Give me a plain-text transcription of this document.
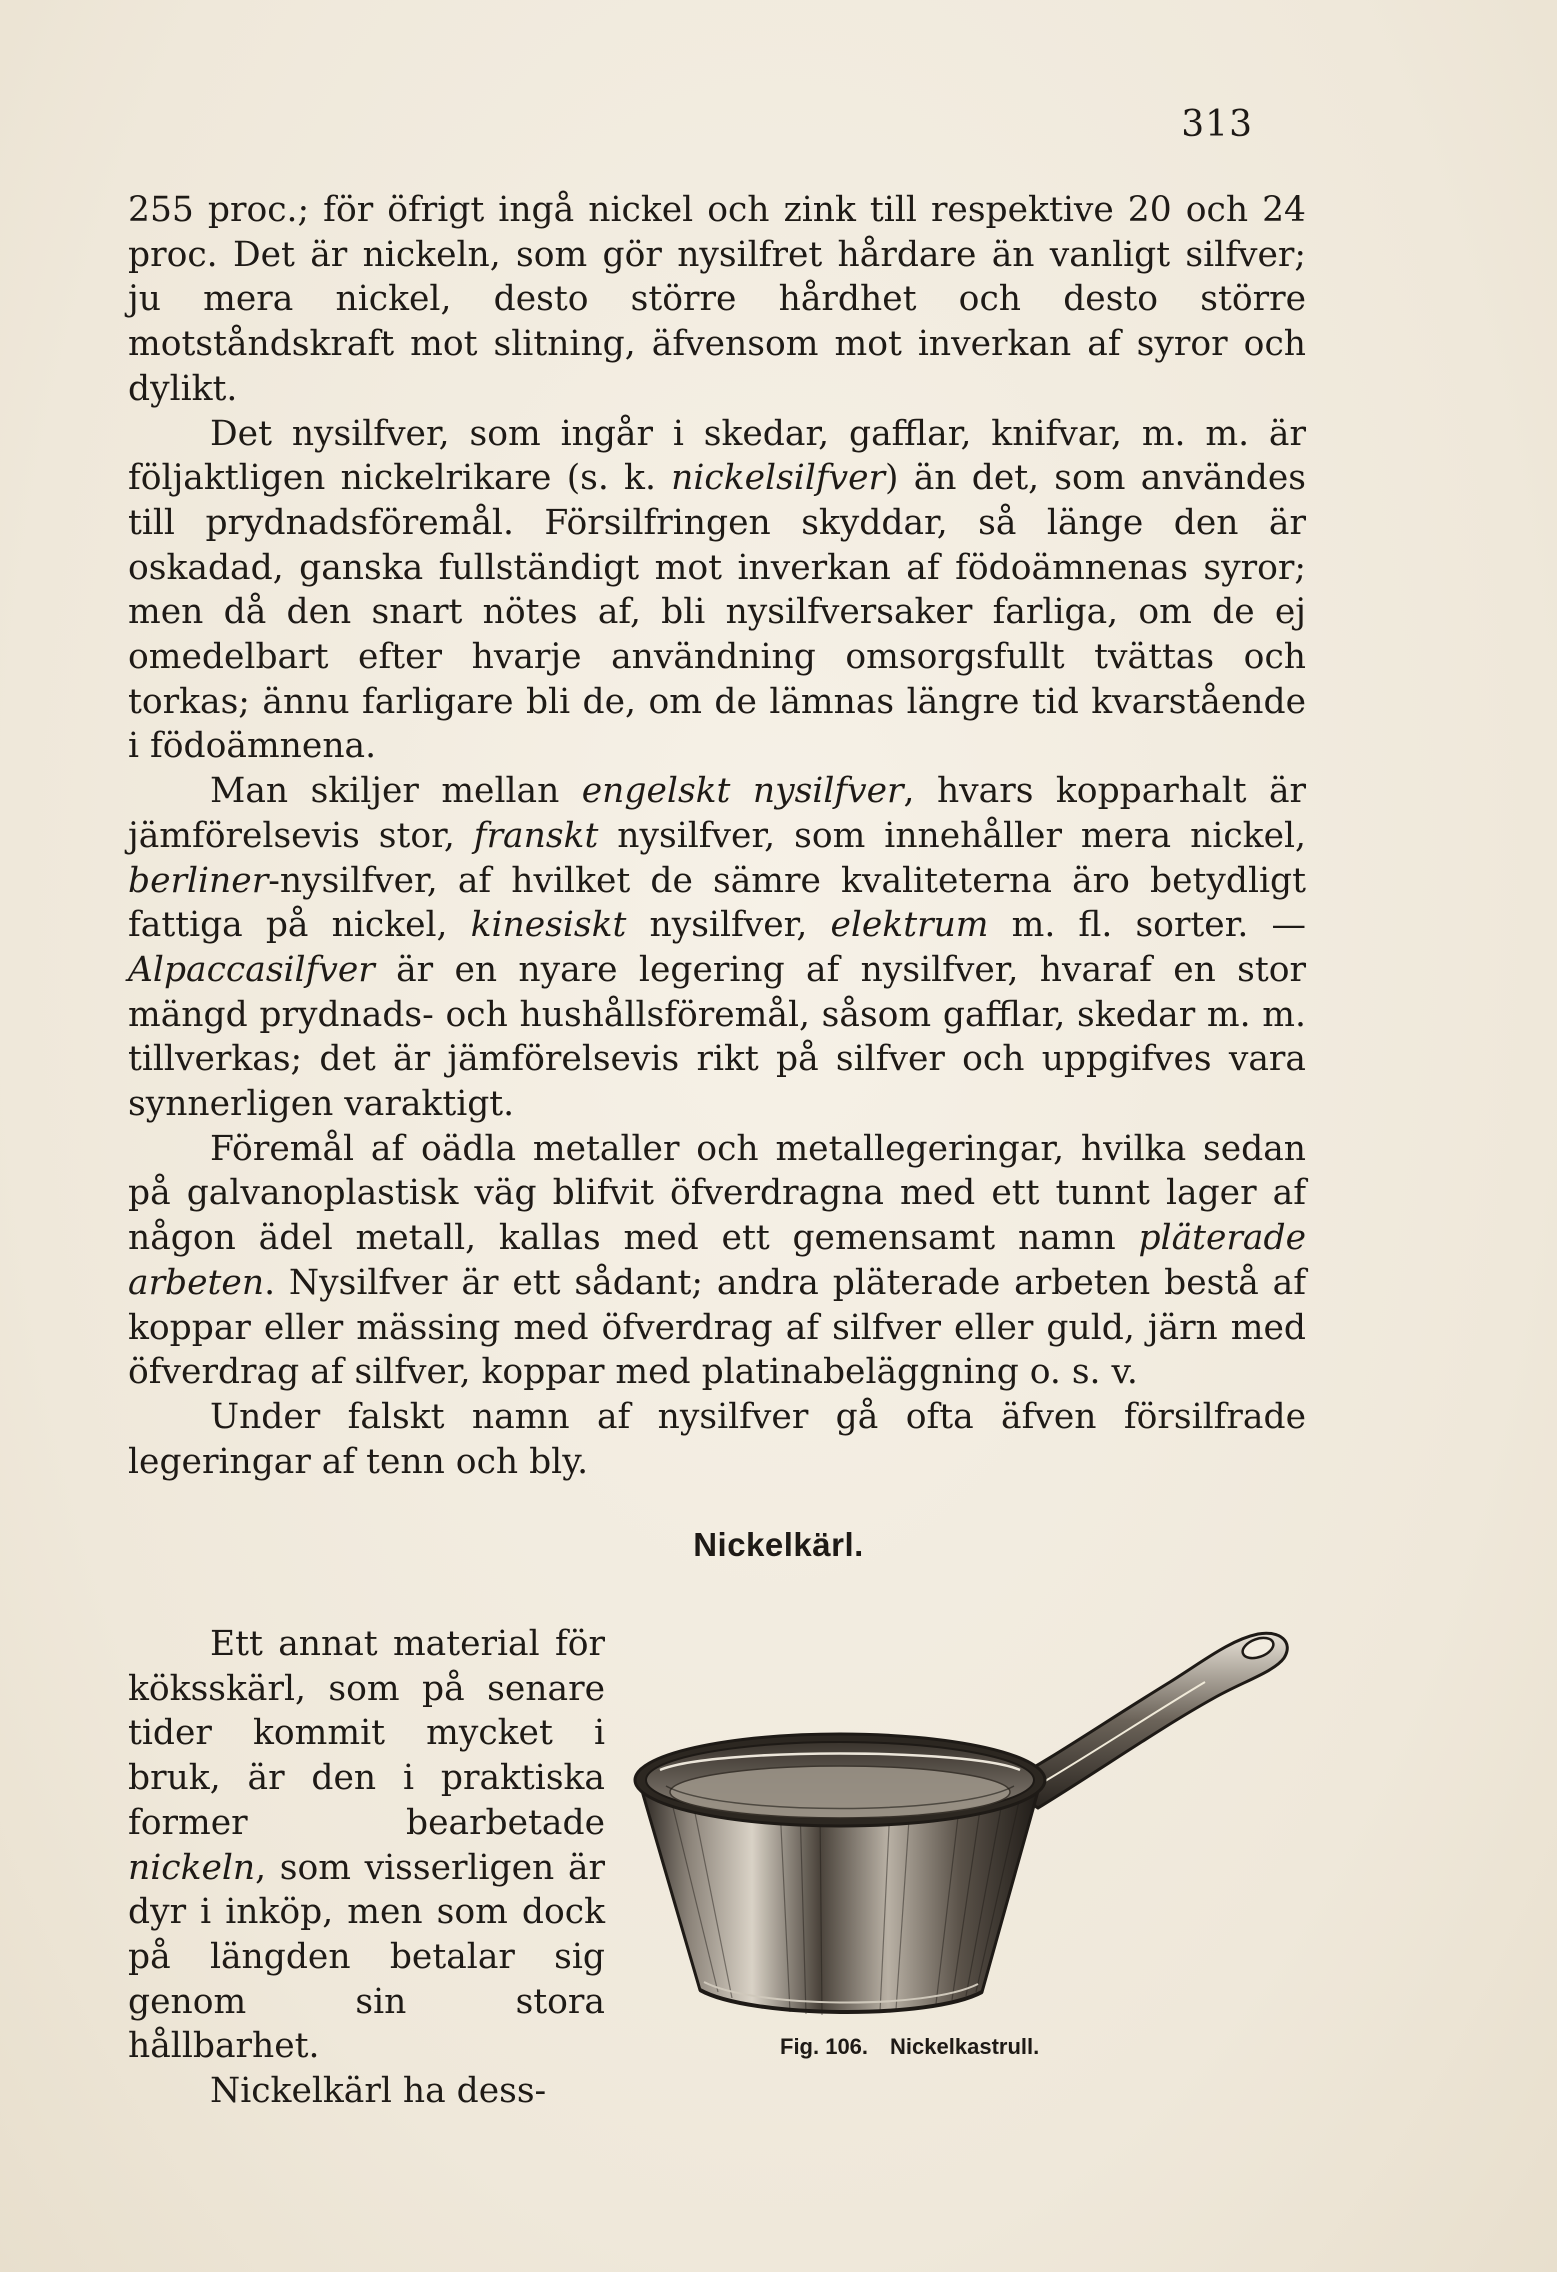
313

255 proc.; för öfrigt ingå nickel och zink till respektive 20 och 24 proc. Det är nickeln, som gör nysilfret hårdare än vanligt silfver; ju mera nickel, desto större hårdhet och desto större motståndskraft mot slitning, äfvensom mot inverkan af syror och dylikt.

Det nysilfver, som ingår i skedar, gafflar, knifvar, m. m. är följaktligen nickelrikare (s. k. nickelsilfver) än det, som användes till prydnadsföremål. Försilfringen skyddar, så länge den är oskadad, ganska fullständigt mot inverkan af födoämnenas syror; men då den snart nötes af, bli nysilfversaker farliga, om de ej omedelbart efter hvarje användning omsorgsfullt tvättas och torkas; ännu farligare bli de, om de lämnas längre tid kvarstående i födoämnena.

Man skiljer mellan engelskt nysilfver, hvars kopparhalt är jämförelsevis stor, franskt nysilfver, som innehåller mera nickel, berliner-nysilfver, af hvilket de sämre kvaliteterna äro betydligt fattiga på nickel, kinesiskt nysilfver, elektrum m. fl. sorter. — Alpaccasilfver är en nyare legering af nysilfver, hvaraf en stor mängd prydnads- och hushållsföremål, såsom gafflar, skedar m. m. tillverkas; det är jämförelsevis rikt på silfver och uppgifves vara synnerligen varaktigt.

Föremål af oädla metaller och metallegeringar, hvilka sedan på galvanoplastisk väg blifvit öfverdragna med ett tunnt lager af någon ädel metall, kallas med ett gemensamt namn pläterade arbeten. Nysilfver är ett sådant; andra pläterade arbeten bestå af koppar eller mässing med öfverdrag af silfver eller guld, järn med öfverdrag af silfver, koppar med platinabeläggning o. s. v.

Under falskt namn af nysilfver gå ofta äfven försilfrade legeringar af tenn och bly.

Nickelkärl.

Ett annat material för köksskärl, som på senare tider kommit mycket i bruk, är den i praktiska former bearbetade nickeln, som visserligen är dyr i inköp, men som dock på längden betalar sig genom sin stora hållbarhet.

Nickelkärl ha dess-

Fig. 106. Nickelkastrull.
